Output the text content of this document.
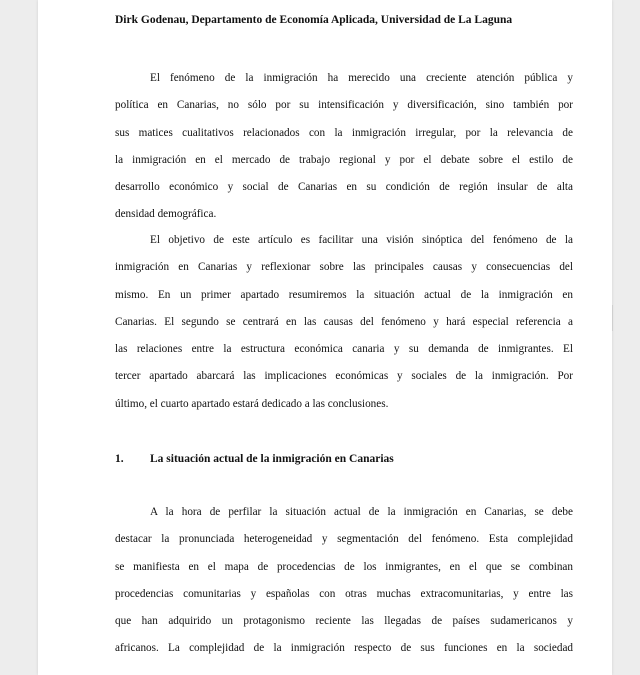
Dirk Godenau, Departamento de Economía Aplicada, Universidad de La Laguna
El fenómeno de la inmigración ha merecido una creciente atención pública y
política en Canarias, no sólo por su intensificación y diversificación, sino también por
sus matices cualitativos relacionados con la inmigración irregular, por la relevancia de
la inmigración en el mercado de trabajo regional y por el debate sobre el estilo de
desarrollo económico y social de Canarias en su condición de región insular de alta
densidad demográfica.
El objetivo de este artículo es facilitar una visión sinóptica del fenómeno de la
inmigración en Canarias y reflexionar sobre las principales causas y consecuencias del
mismo. En un primer apartado resumiremos la situación actual de la inmigración en
Canarias. El segundo se centrará en las causas del fenómeno y hará especial referencia a
las relaciones entre la estructura económica canaria y su demanda de inmigrantes. El
tercer apartado abarcará las implicaciones económicas y sociales de la inmigración. Por
último, el cuarto apartado estará dedicado a las conclusiones.
1. La situación actual de la inmigración en Canarias
A la hora de perfilar la situación actual de la inmigración en Canarias, se debe
destacar la pronunciada heterogeneidad y segmentación del fenómeno. Esta complejidad
se manifiesta en el mapa de procedencias de los inmigrantes, en el que se combinan
procedencias comunitarias y españolas con otras muchas extracomunitarias, y entre las
que han adquirido un protagonismo reciente las llegadas de países sudamericanos y
africanos. La complejidad de la inmigración respecto de sus funciones en la sociedad
